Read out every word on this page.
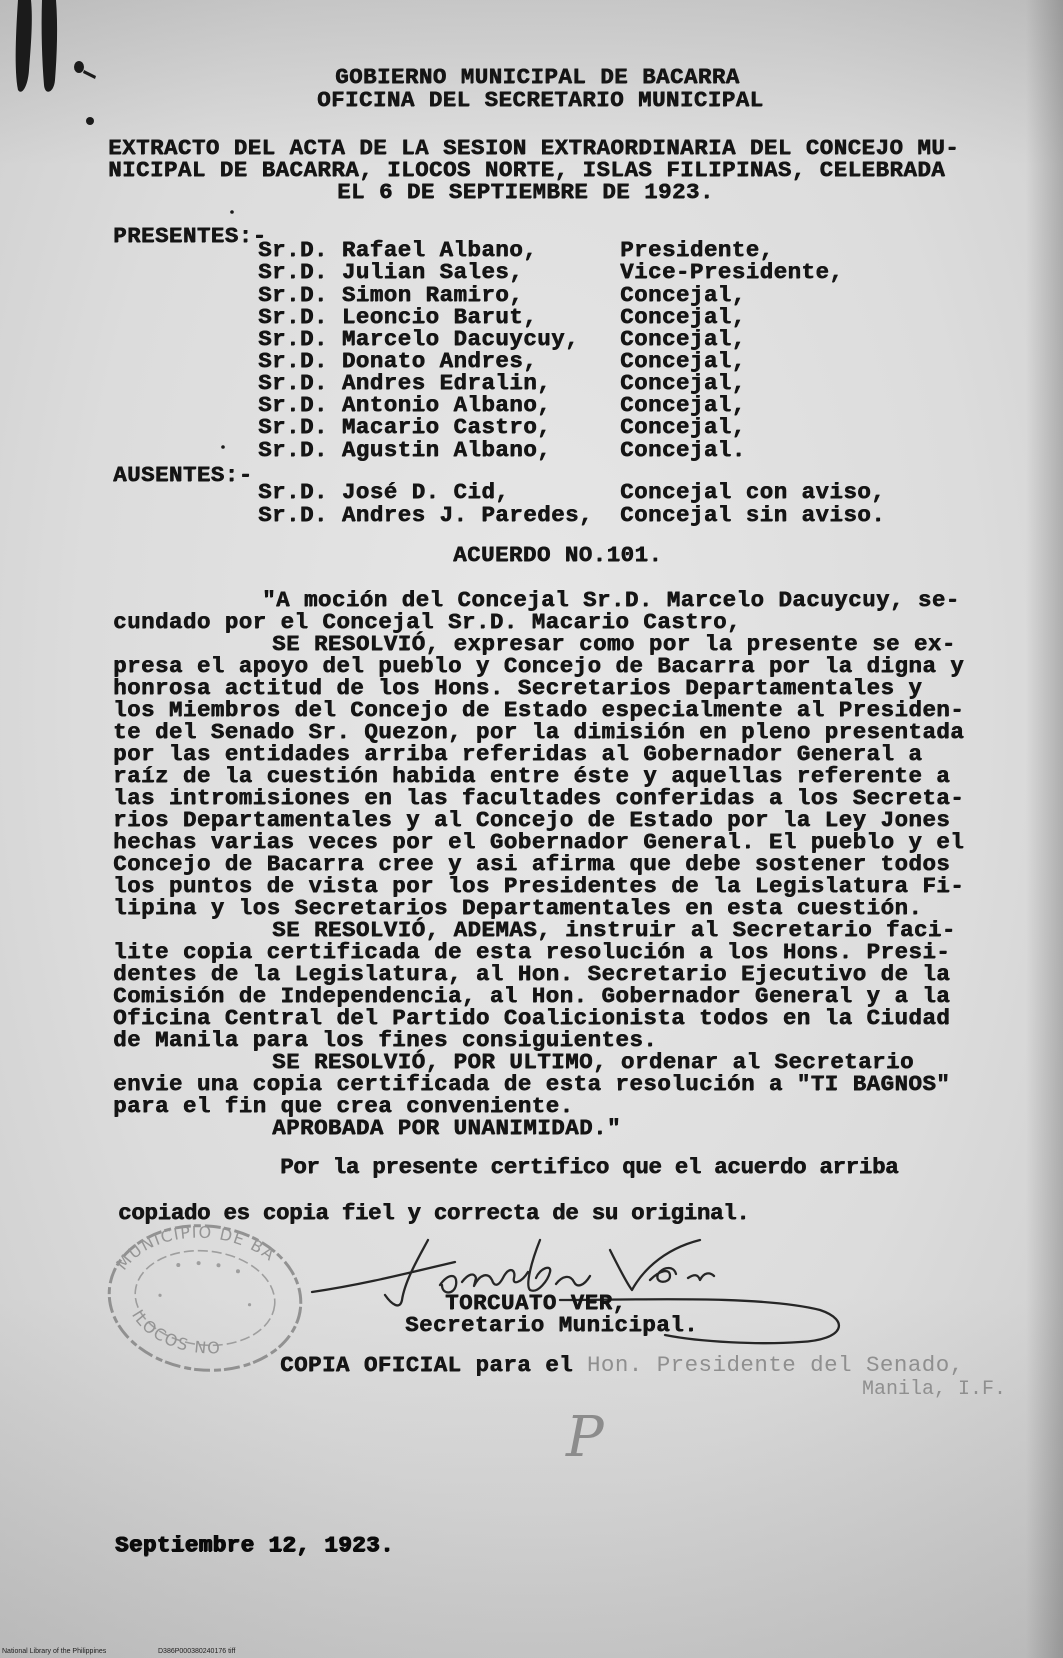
MUNICIPIO DE BA
ILOCOS NO
GOBIERNO MUNICIPAL DE BACARRA
OFICINA DEL SECRETARIO MUNICIPAL
EXTRACTO DEL ACTA DE LA SESION EXTRAORDINARIA DEL CONCEJO MU-
NICIPAL DE BACARRA, ILOCOS NORTE, ISLAS FILIPINAS, CELEBRADA
EL 6 DE SEPTIEMBRE DE 1923.
PRESENTES:-
Sr.D. Rafael Albano,	Presidente,
Sr.D. Julian Sales,	Vice-Presidente,
Sr.D. Simon Ramiro,	Concejal,
Sr.D. Leoncio Barut,	Concejal,
Sr.D. Marcelo Dacuycuy, Concejal,
Sr.D. Donato Andres,	Concejal,
Sr.D. Andres Edralin,	Concejal,
Sr.D. Antonio Albano,	Concejal,
Sr.D. Macario Castro,	Concejal,
Sr.D. Agustin Albano,	Concejal.
AUSENTES:-
Sr.D. José D. Cid,	Concejal con aviso,
Sr.D. Andres J. Paredes, Concejal sin aviso.
ACUERDO NO.101.
"A moción del Concejal Sr.D. Marcelo Dacuycuy, se-
cundado por el Concejal Sr.D. Macario Castro,
SE RESOLVIÓ, expresar como por la presente se ex-
presa el apoyo del pueblo y Concejo de Bacarra por la digna y
honrosa actitud de los Hons. Secretarios Departamentales y
los Miembros del Concejo de Estado especialmente al Presiden-
te del Senado Sr. Quezon, por la dimisión en pleno presentada
por las entidades arriba referidas al Gobernador General a
raíz de la cuestión habida entre éste y aquellas referente a
las intromisiones en las facultades conferidas a los Secreta-
rios Departamentales y al Concejo de Estado por la Ley Jones
hechas varias veces por el Gobernador General. El pueblo y el
Concejo de Bacarra cree y asi afirma que debe sostener todos
los puntos de vista por los Presidentes de la Legislatura Fi-
lipina y los Secretarios Departamentales en esta cuestión.
SE RESOLVIÓ, ADEMAS, instruir al Secretario faci-
lite copia certificada de esta resolución a los Hons. Presi-
dentes de la Legislatura, al Hon. Secretario Ejecutivo de la
Comisión de Independencia, al Hon. Gobernador General y a la
Oficina Central del Partido Coalicionista todos en la Ciudad
de Manila para los fines consiguientes.
SE RESOLVIÓ, POR ULTIMO, ordenar al Secretario
envie una copia certificada de esta resolución a "TI BAGNOS"
para el fin que crea conveniente.
APROBADA POR UNANIMIDAD."
Por la presente certifico que el acuerdo arriba
copiado es copia fiel y correcta de su original.
TORCUATO VER,
Secretario Municipal.
COPIA OFICIAL para el Hon. Presidente del Senado,
Manila, I.F.
P
Septiembre 12, 1923.
National Library of the Philippines	D386P000380240176 tiff
